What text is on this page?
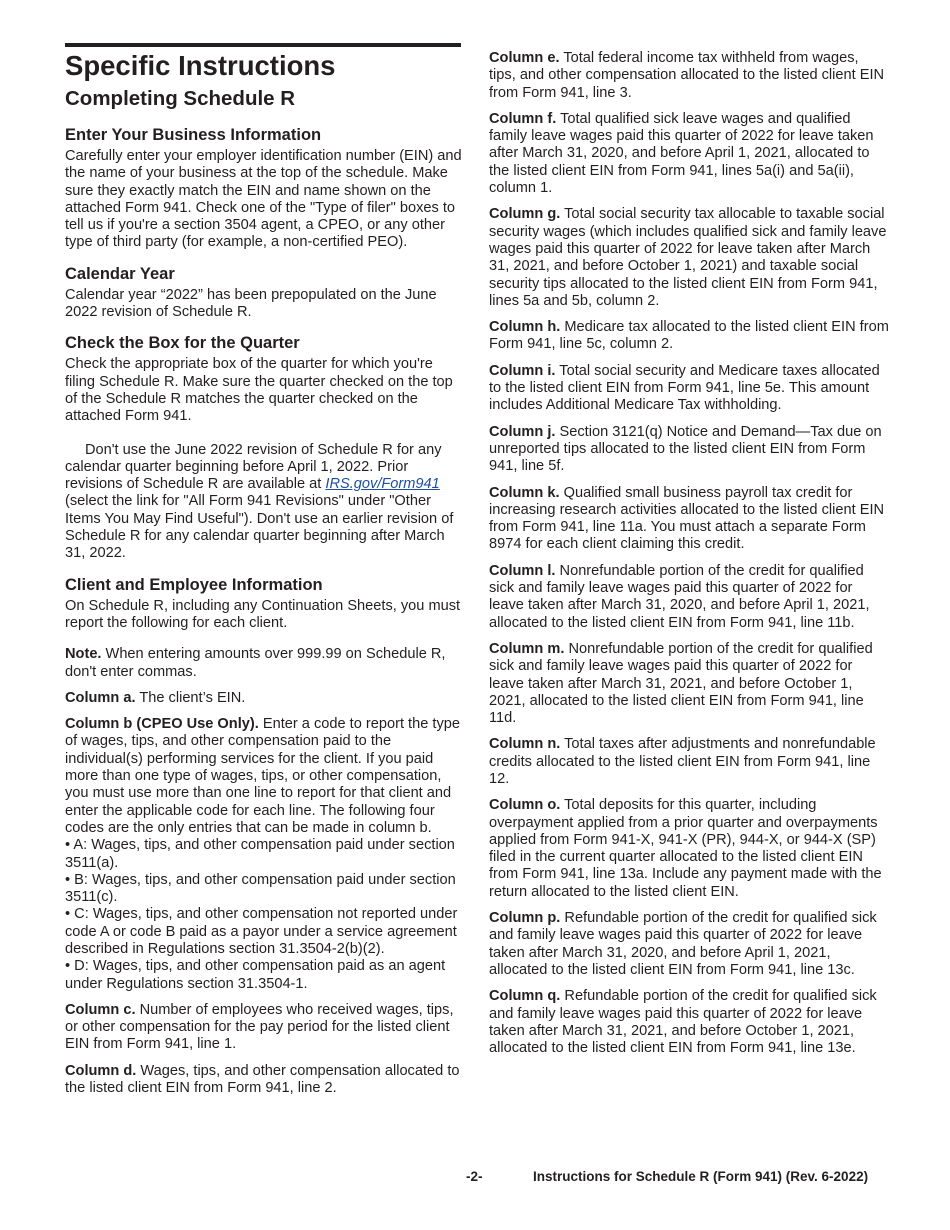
Specific Instructions
Completing Schedule R
Enter Your Business Information

Carefully enter your employer identification number (EIN) and the name of your business at the top of the schedule. Make sure they exactly match the EIN and name shown on the attached Form 941. Check one of the "Type of filer" boxes to tell us if you're a section 3504 agent, a CPEO, or any other type of third party (for example, a non-certified PEO).

Calendar Year

Calendar year “2022” has been prepopulated on the June 2022 revision of Schedule R.

Check the Box for the Quarter

Check the appropriate box of the quarter for which you're filing Schedule R. Make sure the quarter checked on the top of the Schedule R matches the quarter checked on the attached Form 941.

Don't use the June 2022 revision of Schedule R for any calendar quarter beginning before April 1, 2022. Prior revisions of Schedule R are available at IRS.gov/Form941 (select the link for "All Form 941 Revisions" under "Other Items You May Find Useful"). Don't use an earlier revision of Schedule R for any calendar quarter beginning after March 31, 2022.

Client and Employee Information

On Schedule R, including any Continuation Sheets, you must report the following for each client.

Note. When entering amounts over 999.99 on Schedule R, don't enter commas.

Column a. The client’s EIN.

Column b (CPEO Use Only). Enter a code to report the type of wages, tips, and other compensation paid to the individual(s) performing services for the client. If you paid more than one type of wages, tips, or other compensation, you must use more than one line to report for that client and enter the applicable code for each line. The following four codes are the only entries that can be made in column b.

• A: Wages, tips, and other compensation paid under section 3511(a).
• B: Wages, tips, and other compensation paid under section 3511(c).
• C: Wages, tips, and other compensation not reported under code A or code B paid as a payor under a service agreement described in Regulations section 31.3504-2(b)(2).
• D: Wages, tips, and other compensation paid as an agent under Regulations section 31.3504-1.

Column c. Number of employees who received wages, tips, or other compensation for the pay period for the listed client EIN from Form 941, line 1.

Column d. Wages, tips, and other compensation allocated to the listed client EIN from Form 941, line 2.

Column e. Total federal income tax withheld from wages, tips, and other compensation allocated to the listed client EIN from Form 941, line 3.

Column f. Total qualified sick leave wages and qualified family leave wages paid this quarter of 2022 for leave taken after March 31, 2020, and before April 1, 2021, allocated to the listed client EIN from Form 941, lines 5a(i) and 5a(ii), column 1.

Column g. Total social security tax allocable to taxable social security wages (which includes qualified sick and family leave wages paid this quarter of 2022 for leave taken after March 31, 2021, and before October 1, 2021) and taxable social security tips allocated to the listed client EIN from Form 941, lines 5a and 5b, column 2.

Column h. Medicare tax allocated to the listed client EIN from Form 941, line 5c, column 2.

Column i. Total social security and Medicare taxes allocated to the listed client EIN from Form 941, line 5e. This amount includes Additional Medicare Tax withholding.

Column j. Section 3121(q) Notice and Demand—Tax due on unreported tips allocated to the listed client EIN from Form 941, line 5f.

Column k. Qualified small business payroll tax credit for increasing research activities allocated to the listed client EIN from Form 941, line 11a. You must attach a separate Form 8974 for each client claiming this credit.

Column l. Nonrefundable portion of the credit for qualified sick and family leave wages paid this quarter of 2022 for leave taken after March 31, 2020, and before April 1, 2021, allocated to the listed client EIN from Form 941, line 11b.

Column m. Nonrefundable portion of the credit for qualified sick and family leave wages paid this quarter of 2022 for leave taken after March 31, 2021, and before October 1, 2021, allocated to the listed client EIN from Form 941, line 11d.

Column n. Total taxes after adjustments and nonrefundable credits allocated to the listed client EIN from Form 941, line 12.

Column o. Total deposits for this quarter, including overpayment applied from a prior quarter and overpayments applied from Form 941-X, 941-X (PR), 944-X, or 944-X (SP) filed in the current quarter allocated to the listed client EIN from Form 941, line 13a. Include any payment made with the return allocated to the listed client EIN.

Column p. Refundable portion of the credit for qualified sick and family leave wages paid this quarter of 2022 for leave taken after March 31, 2020, and before April 1, 2021, allocated to the listed client EIN from Form 941, line 13c.

Column q. Refundable portion of the credit for qualified sick and family leave wages paid this quarter of 2022 for leave taken after March 31, 2021, and before October 1, 2021, allocated to the listed client EIN from Form 941, line 13e.

-2-	Instructions for Schedule R (Form 941) (Rev. 6-2022)
